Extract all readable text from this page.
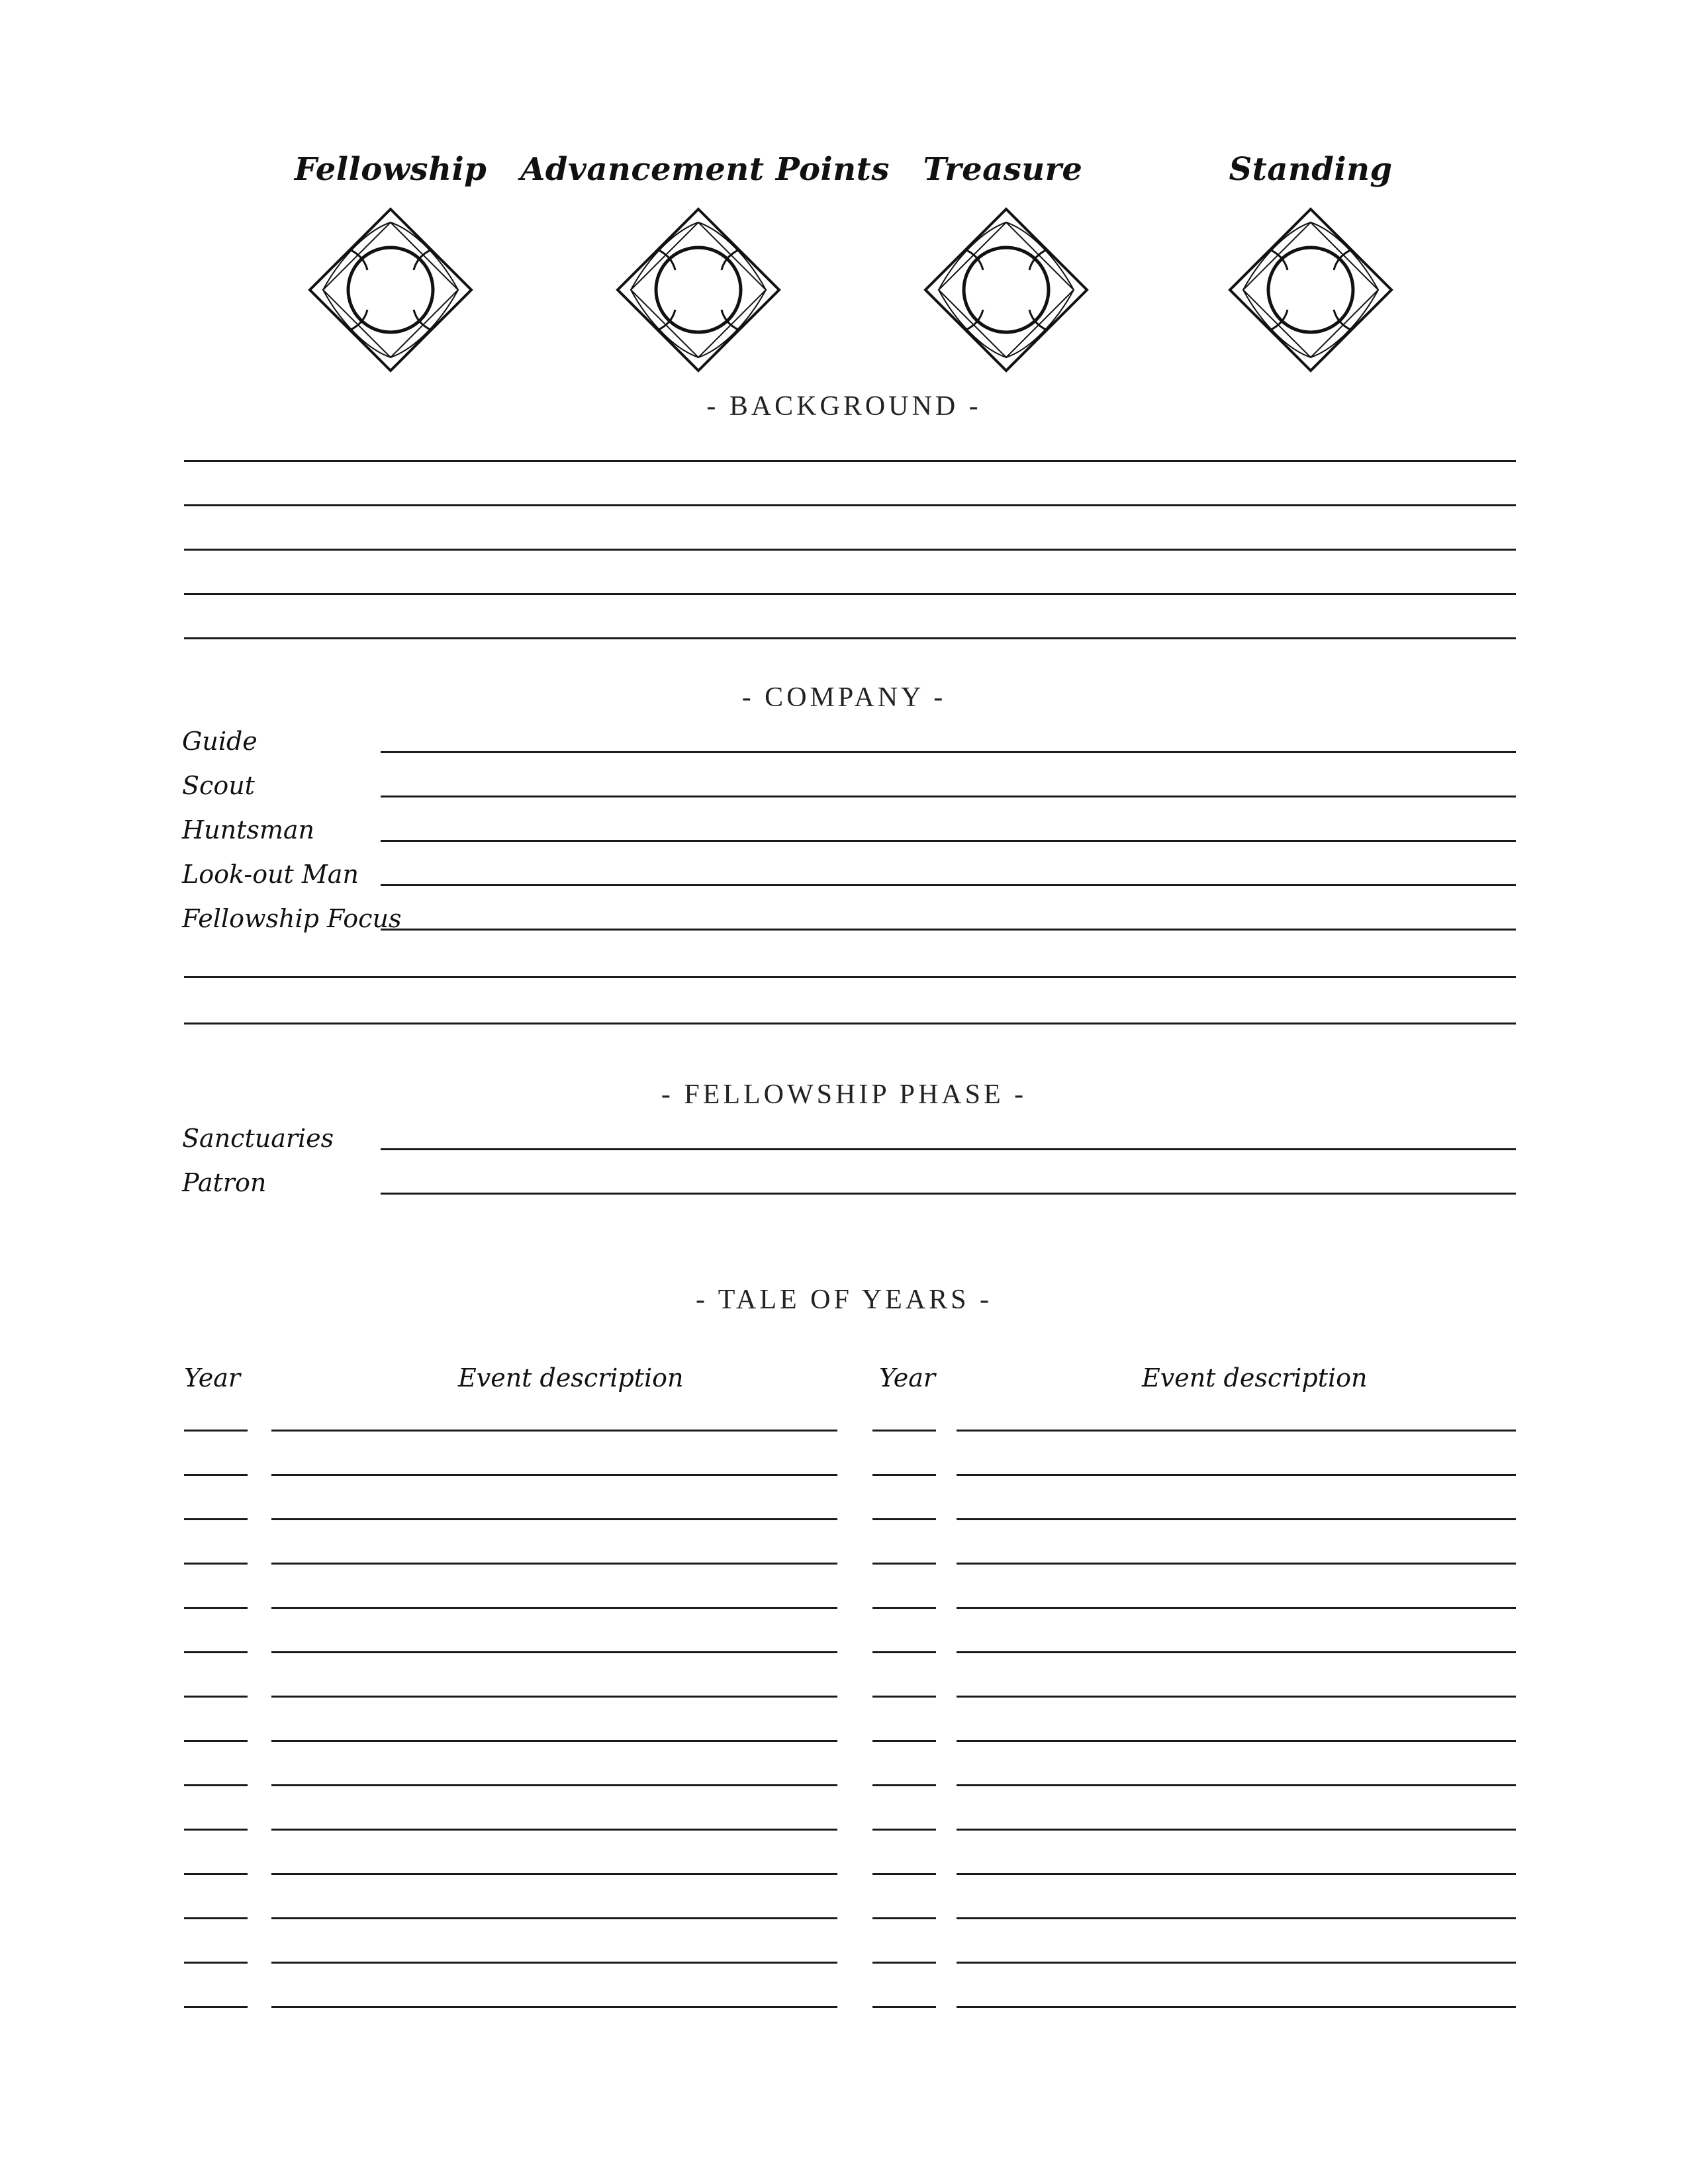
Fellowship Advancement Points Treasure	Standing
- BACKGROUND -
- COMPANY -
Guide
Scout
Huntsman
Look-out Man
Fellowship Focus
- FELLOWSHIP PHASE -
Sanctuaries
Patron
- TALE OF YEARS -
Year	Event description	Year	Event description
